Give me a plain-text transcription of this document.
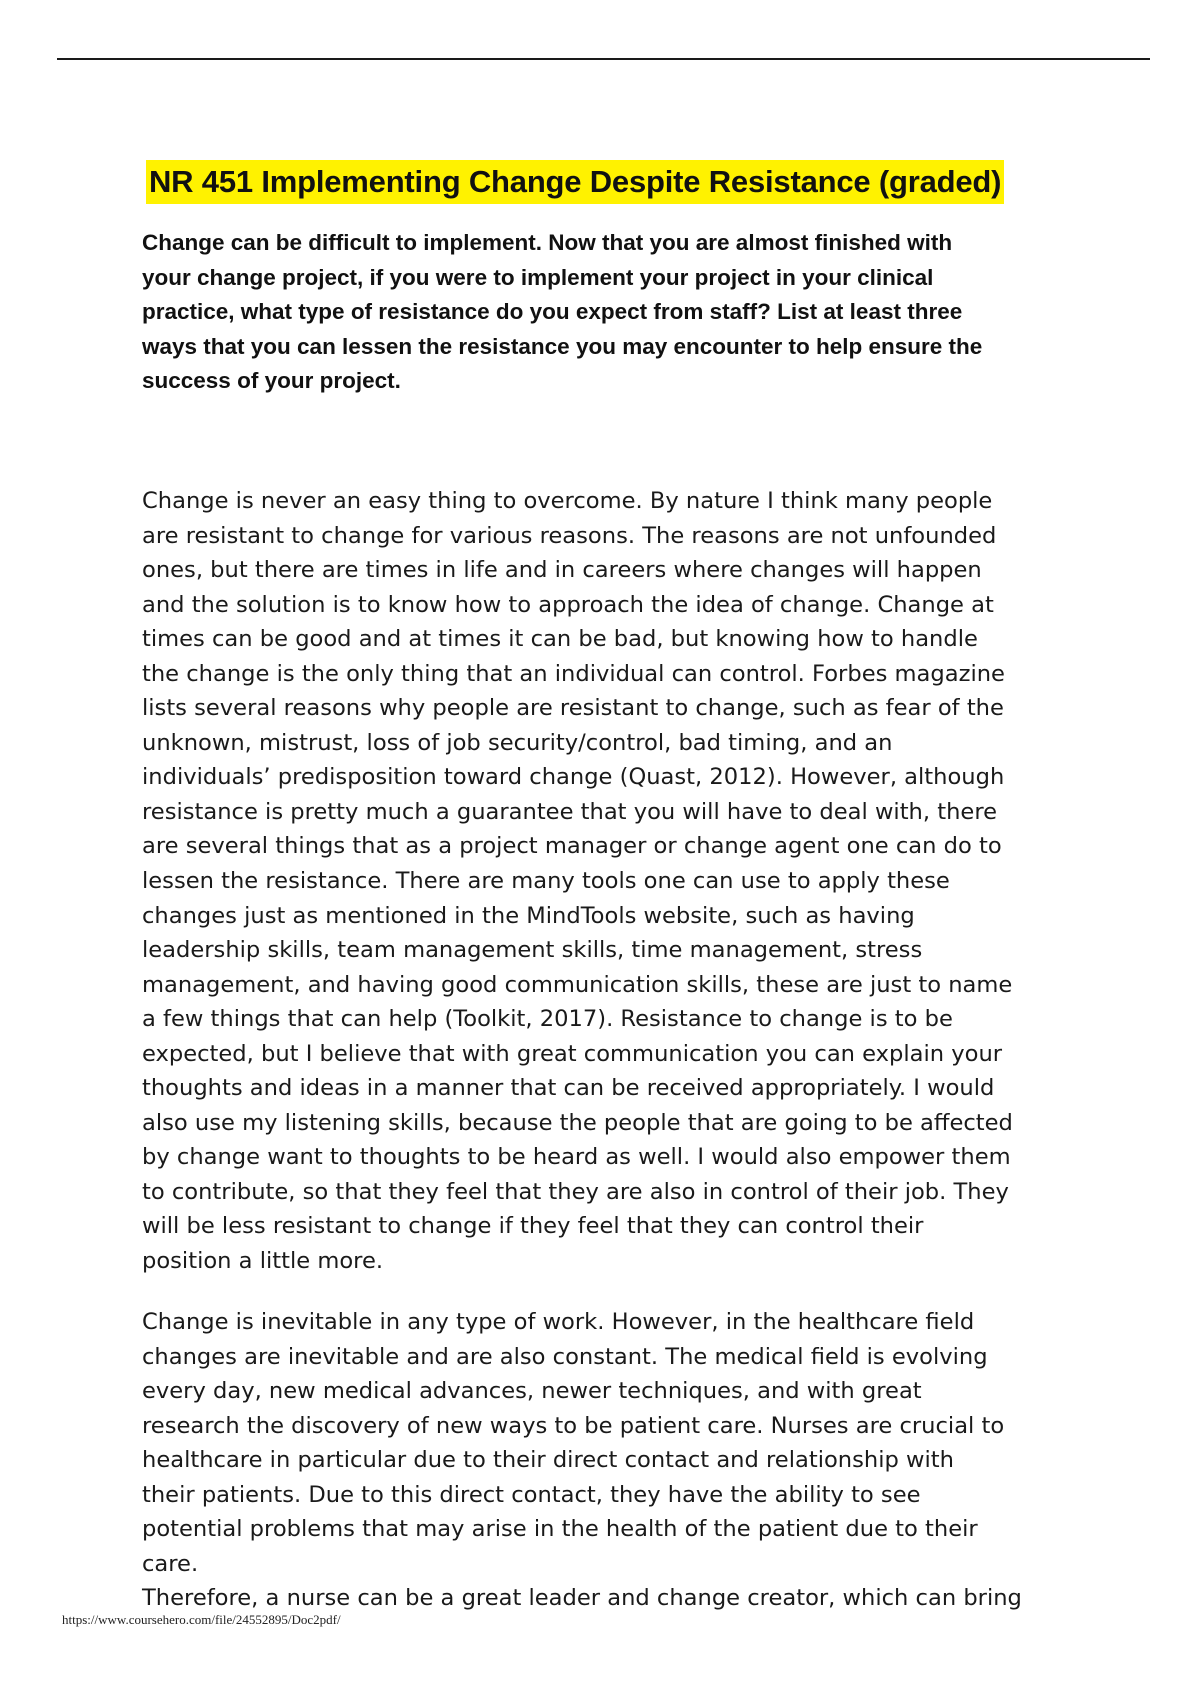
NR 451 Implementing Change Despite Resistance (graded)

Change can be difficult to implement. Now that you are almost finished with
your change project, if you were to implement your project in your clinical
practice, what type of resistance do you expect from staff? List at least three
ways that you can lessen the resistance you may encounter to help ensure the
success of your project.

Change is never an easy thing to overcome. By nature I think many people
are resistant to change for various reasons. The reasons are not unfounded
ones, but there are times in life and in careers where changes will happen
and the solution is to know how to approach the idea of change. Change at
times can be good and at times it can be bad, but knowing how to handle
the change is the only thing that an individual can control. Forbes magazine
lists several reasons why people are resistant to change, such as fear of the
unknown, mistrust, loss of job security/control, bad timing, and an
individuals’ predisposition toward change (Quast, 2012). However, although
resistance is pretty much a guarantee that you will have to deal with, there
are several things that as a project manager or change agent one can do to
lessen the resistance. There are many tools one can use to apply these
changes just as mentioned in the MindTools website, such as having
leadership skills, team management skills, time management, stress
management, and having good communication skills, these are just to name
a few things that can help (Toolkit, 2017). Resistance to change is to be
expected, but I believe that with great communication you can explain your
thoughts and ideas in a manner that can be received appropriately. I would
also use my listening skills, because the people that are going to be affected
by change want to thoughts to be heard as well. I would also empower them
to contribute, so that they feel that they are also in control of their job. They
will be less resistant to change if they feel that they can control their
position a little more.

Change is inevitable in any type of work. However, in the healthcare field
changes are inevitable and are also constant. The medical field is evolving
every day, new medical advances, newer techniques, and with great
research the discovery of new ways to be patient care. Nurses are crucial to
healthcare in particular due to their direct contact and relationship with
their patients. Due to this direct contact, they have the ability to see
potential problems that may arise in the health of the patient due to their
care.
Therefore, a nurse can be a great leader and change creator, which can bring

https://www.coursehero.com/file/24552895/Doc2pdf/
